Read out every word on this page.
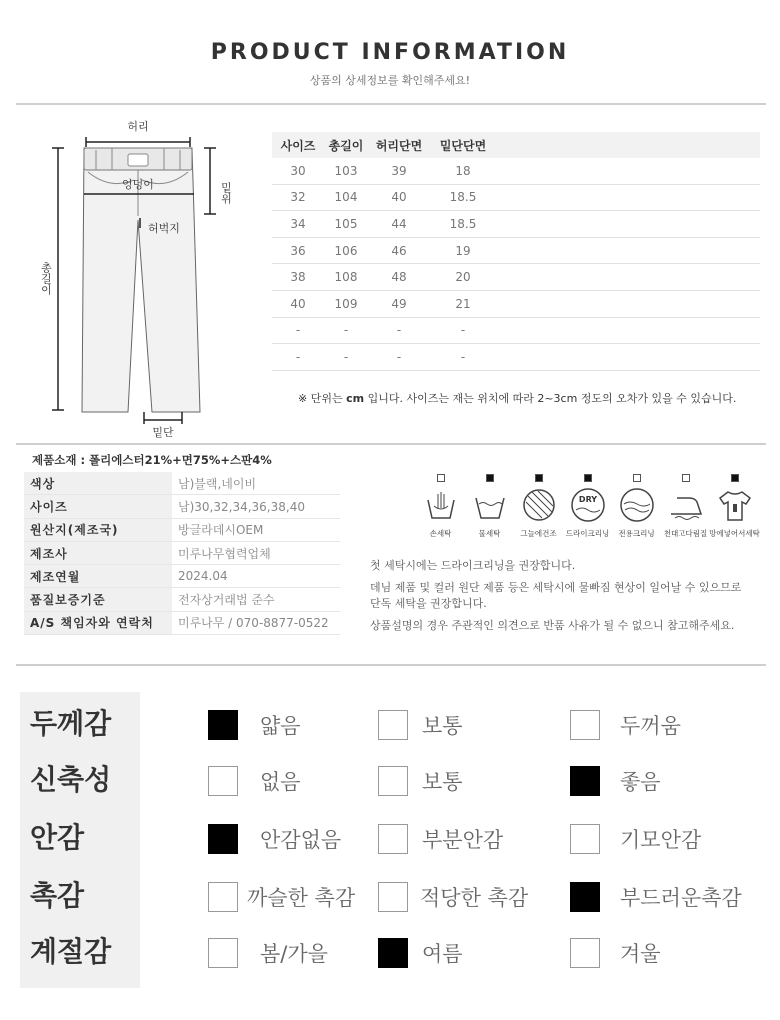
PRODUCT INFORMATION
상품의 상세정보를 확인해주세요!
허리
엉덩이
허벅지
밑위
총길이
밑단
사이즈	총길이	허리단면	밑단단면
30	103	39	18
32	104	40	18.5
34	105	44	18.5
36	106	46	19
38	108	48	20
40	109	49	21
-	-	-	-
-	-	-	-
※ 단위는 cm 입니다. 사이즈는 재는 위치에 따라 2~3cm 정도의 오차가 있을 수 있습니다.
제품소재 : 폴리에스터21%+면75%+스판4%
색상	남)블랙,네이비
사이즈	남)30,32,34,36,38,40
원산지(제조국)	방글라데시OEM
제조사	미루나무협력업체
제조연월	2024.04
품질보증기준	전자상거래법 준수
A/S 책임자와 연락처	미루나무 / 070-8877-0522
손세탁	물세탁	그늘에건조
DRY
드라이크리닝 전용크리닝 천대고다림질 망에넣어서세탁
첫 세탁시에는 드라이크리닝을 권장합니다.
데님 제품 및 컬러 원단 제품 등은 세탁시에 물빠짐 현상이 일어날 수 있으므로
단독 세탁을 권장합니다.
상품설명의 경우 주관적인 의견으로 반품 사유가 될 수 없으니 참고해주세요.
두께감	얇음	보통	두꺼움
신축성	없음	보통	좋음
안감	안감없음	부분안감	기모안감
촉감	까슬한 촉감	적당한 촉감	부드러운촉감
계절감	봄/가을	여름	겨울
